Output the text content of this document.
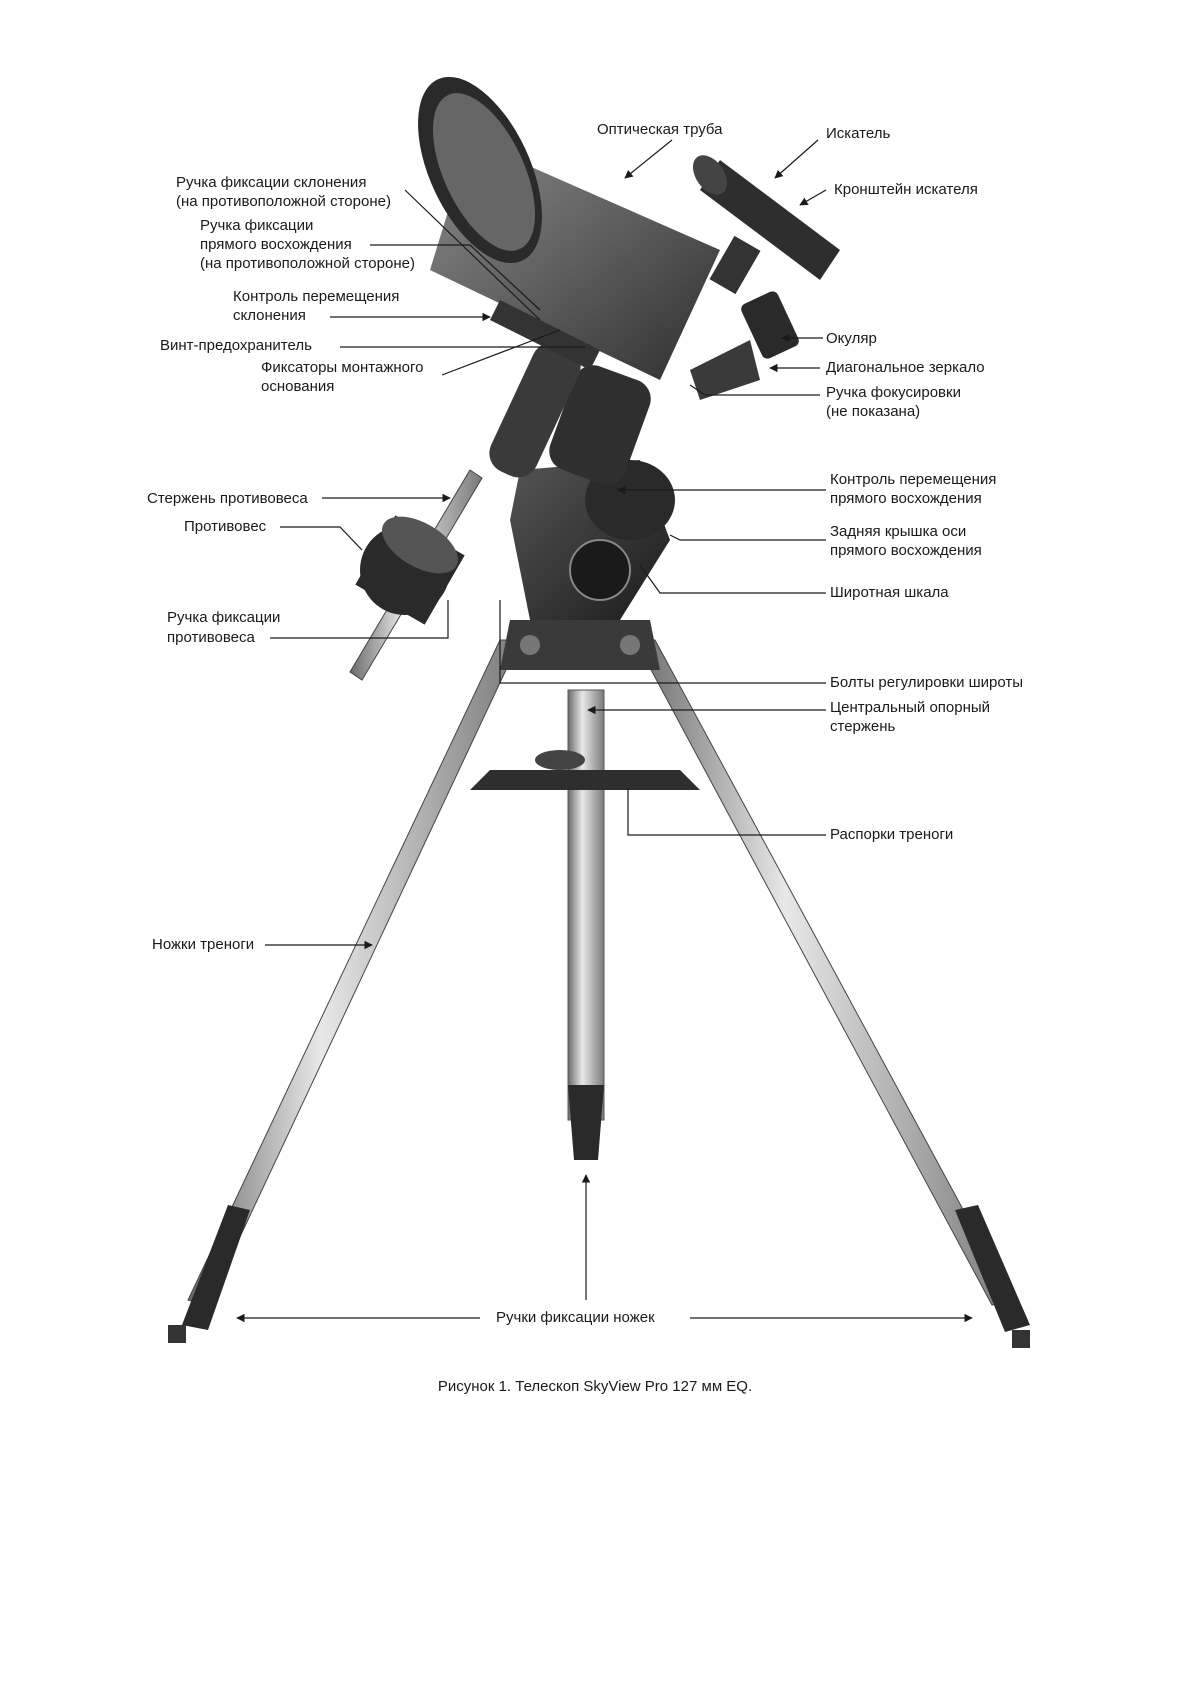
Оптическая труба	Искатель
Кронштейн искателя
Ручка фиксации склонения
(на противоположной стороне)
Ручка фиксации
прямого восхождения
(на противоположной стороне)
Контроль перемещения
склонения
Винт-предохранитель
Фиксаторы монтажного
основания
Окуляр
Диагональное зеркало
Ручка фокусировки
(не показана)
Стержень противовеса
Противовес
Ручка фиксации
противовеса
Контроль перемещения
прямого восхождения
Задняя крышка оси
прямого восхождения
Широтная шкала
Болты регулировки широты
Центральный опорный
стержень
Распорки треноги
Ножки треноги
Ручки фиксации ножек
Рисунок 1. Телескоп SkyView Pro 127 мм EQ.
